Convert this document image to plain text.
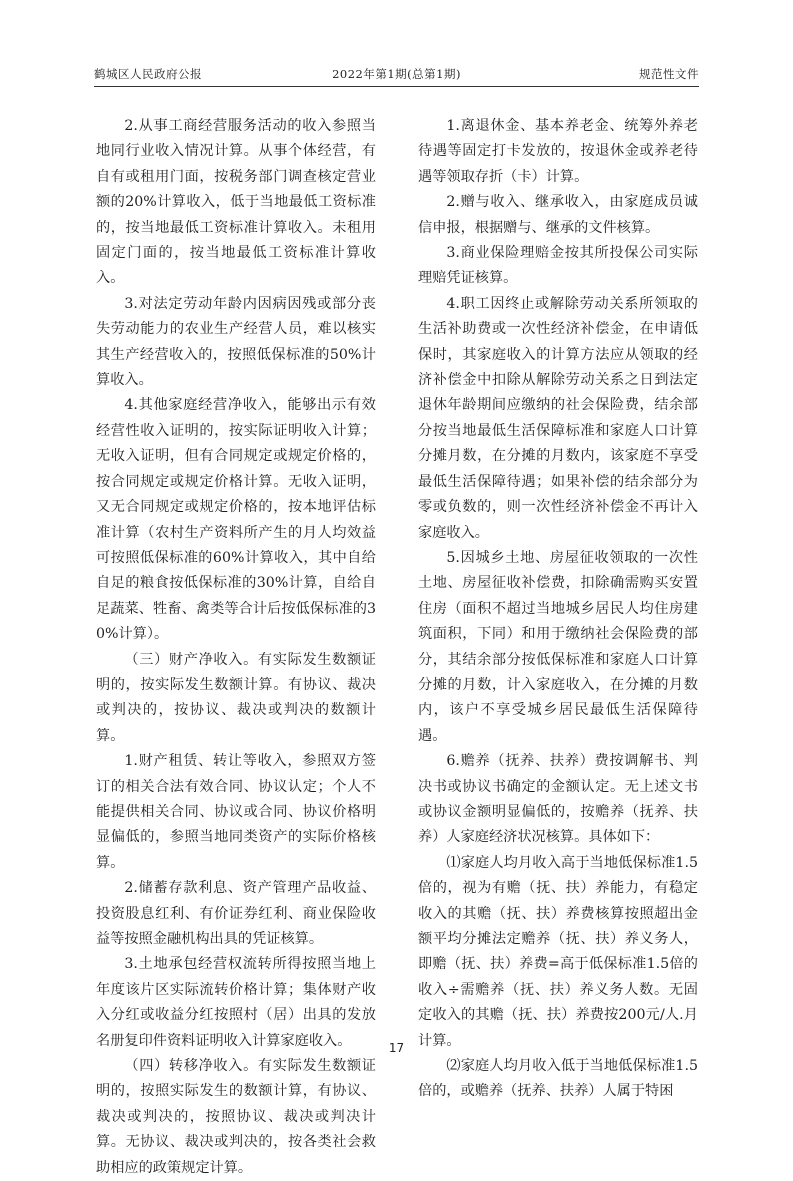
鹤城区人民政府公报	2022年第1期(总第1期)	规范性文件

2.从事工商经营服务活动的收入参照当地同行业收入情况计算。从事个体经营，有自有或租用门面，按税务部门调查核定营业额的20%计算收入，低于当地最低工资标准的，按当地最低工资标准计算收入。未租用固定门面的，按当地最低工资标准计算收入。

3.对法定劳动年龄内因病因残或部分丧失劳动能力的农业生产经营人员，难以核实其生产经营收入的，按照低保标准的50%计算收入。

4.其他家庭经营净收入，能够出示有效经营性收入证明的，按实际证明收入计算；无收入证明，但有合同规定或规定价格的，按合同规定或规定价格计算。无收入证明，又无合同规定或规定价格的，按本地评估标准计算（农村生产资料所产生的月人均效益可按照低保标准的60%计算收入，其中自给自足的粮食按低保标准的30%计算，自给自足蔬菜、牲畜、禽类等合计后按低保标准的30%计算）。

（三）财产净收入。有实际发生数额证明的，按实际发生数额计算。有协议、裁决或判决的，按协议、裁决或判决的数额计算。

1.财产租赁、转让等收入，参照双方签订的相关合法有效合同、协议认定；个人不能提供相关合同、协议或合同、协议价格明显偏低的，参照当地同类资产的实际价格核算。

2.储蓄存款利息、资产管理产品收益、投资股息红利、有价证券红利、商业保险收益等按照金融机构出具的凭证核算。

3.土地承包经营权流转所得按照当地上年度该片区实际流转价格计算；集体财产收入分红或收益分红按照村（居）出具的发放名册复印件资料证明收入计算家庭收入。

（四）转移净收入。有实际发生数额证明的，按照实际发生的数额计算，有协议、裁决或判决的，按照协议、裁决或判决计算。无协议、裁决或判决的，按各类社会救助相应的政策规定计算。

1.离退休金、基本养老金、统筹外养老待遇等固定打卡发放的，按退休金或养老待遇等领取存折（卡）计算。

2.赠与收入、继承收入，由家庭成员诚信申报，根据赠与、继承的文件核算。

3.商业保险理赔金按其所投保公司实际理赔凭证核算。

4.职工因终止或解除劳动关系所领取的生活补助费或一次性经济补偿金，在申请低保时，其家庭收入的计算方法应从领取的经济补偿金中扣除从解除劳动关系之日到法定退休年龄期间应缴纳的社会保险费，结余部分按当地最低生活保障标准和家庭人口计算分摊月数，在分摊的月数内，该家庭不享受最低生活保障待遇；如果补偿的结余部分为零或负数的，则一次性经济补偿金不再计入家庭收入。

5.因城乡土地、房屋征收领取的一次性土地、房屋征收补偿费，扣除确需购买安置住房（面积不超过当地城乡居民人均住房建筑面积，下同）和用于缴纳社会保险费的部分，其结余部分按低保标准和家庭人口计算分摊的月数，计入家庭收入，在分摊的月数内，该户不享受城乡居民最低生活保障待遇。

6.赡养（抚养、扶养）费按调解书、判决书或协议书确定的金额认定。无上述文书或协议金额明显偏低的，按赡养（抚养、扶养）人家庭经济状况核算。具体如下：

⑴家庭人均月收入高于当地低保标准1.5倍的，视为有赡（抚、扶）养能力，有稳定收入的其赡（抚、扶）养费核算按照超出金额平均分摊法定赡养（抚、扶）养义务人，即赡（抚、扶）养费=高于低保标准1.5倍的收入÷需赡养（抚、扶）养义务人数。无固定收入的其赡（抚、扶）养费按200元/人.月计算。

⑵家庭人均月收入低于当地低保标准1.5倍的，或赡养（抚养、扶养）人属于特困

17
